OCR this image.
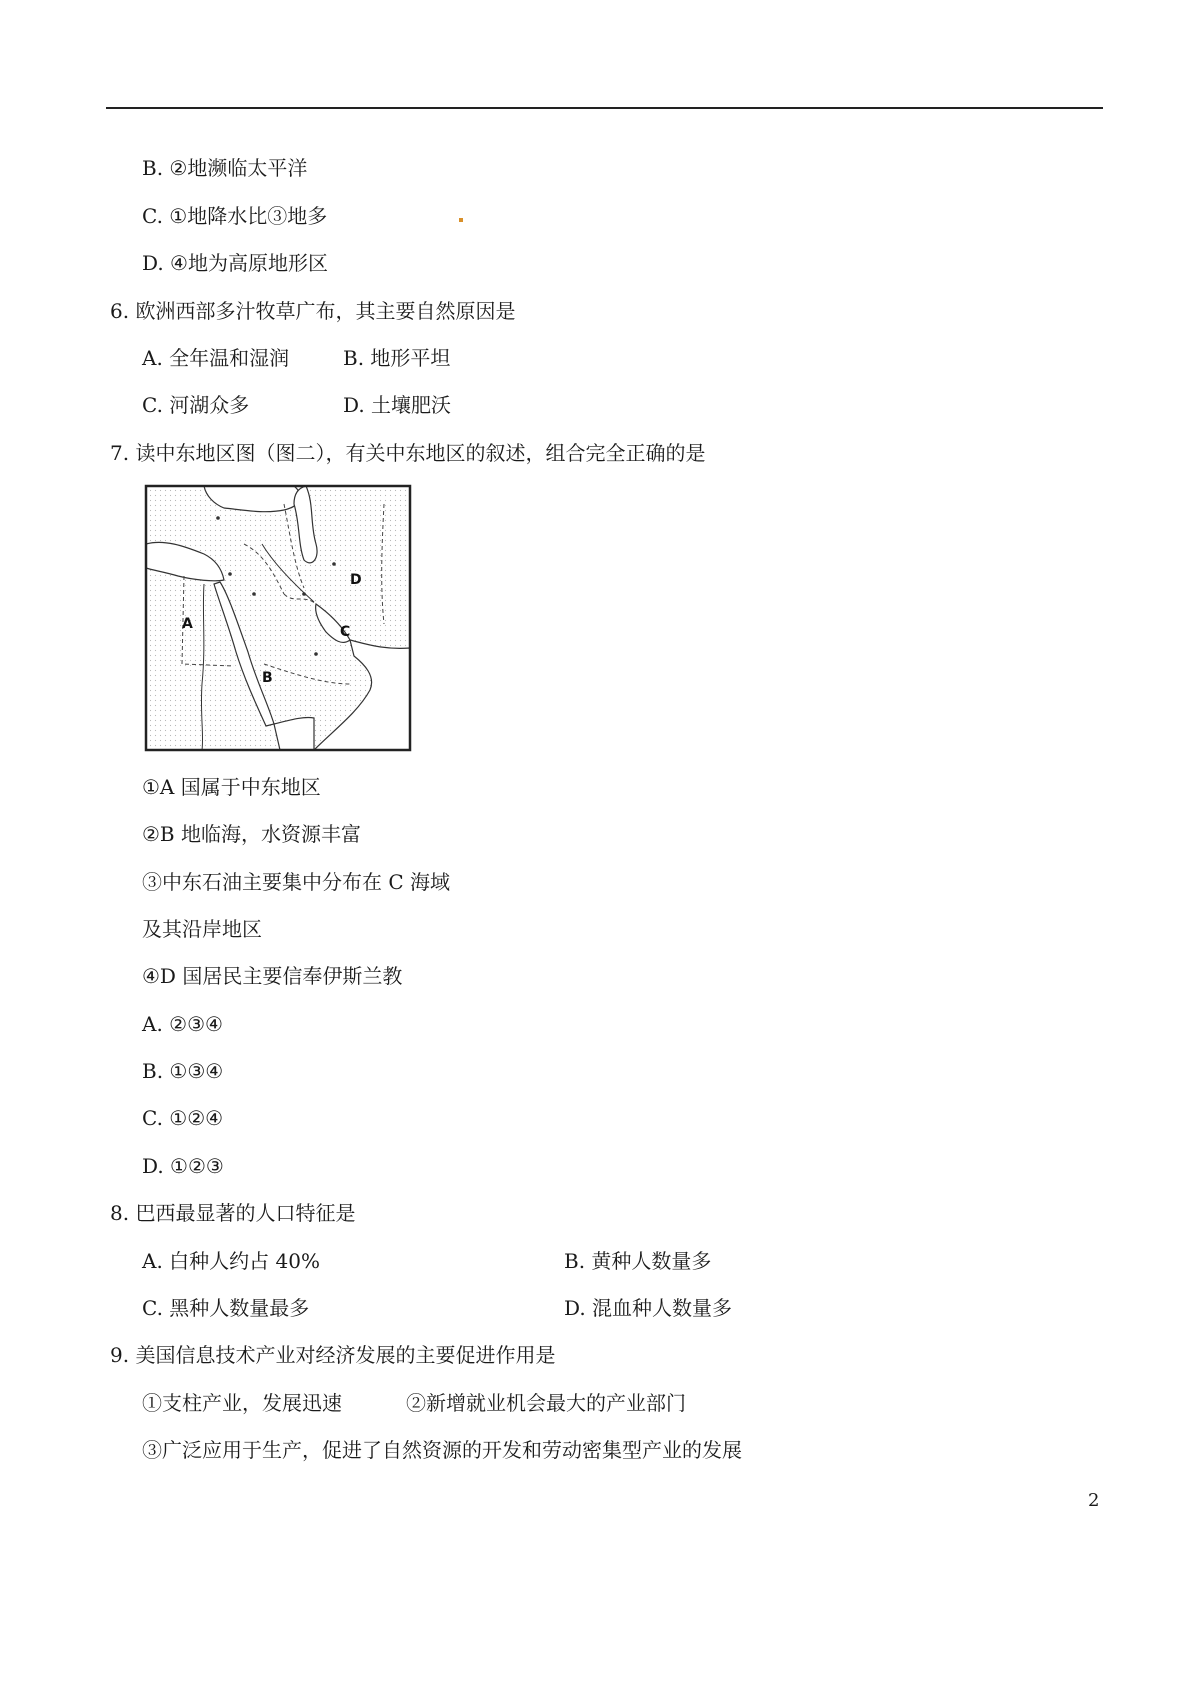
B. ②地濒临太平洋
C. ①地降水比③地多
D. ④地为高原地形区
6. 欧洲西部多汁牧草广布，其主要自然原因是
A. 全年温和湿润	B. 地形平坦
C. 河湖众多	D. 土壤肥沃
7. 读中东地区图（图二），有关中东地区的叙述，组合完全正确的是
A
B
C
D
①A 国属于中东地区
②B 地临海，水资源丰富
③中东石油主要集中分布在 C 海域
及其沿岸地区
④D 国居民主要信奉伊斯兰教
A. ②③④
B. ①③④
C. ①②④
D. ①②③
8. 巴西最显著的人口特征是
A. 白种人约占 40%	B. 黄种人数量多
C. 黑种人数量最多	D. 混血种人数量多
9. 美国信息技术产业对经济发展的主要促进作用是
①支柱产业，发展迅速	②新增就业机会最大的产业部门
③广泛应用于生产，促进了自然资源的开发和劳动密集型产业的发展
2
